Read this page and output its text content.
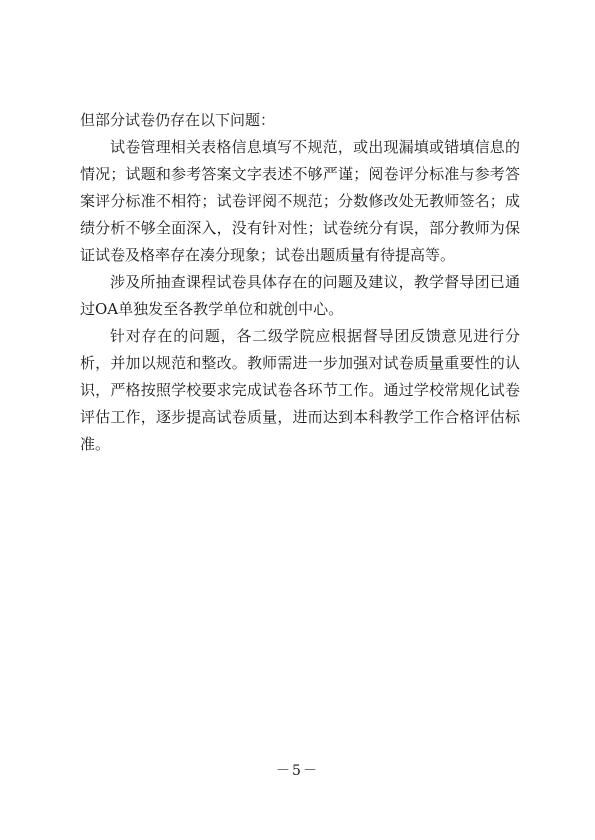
但部分试卷仍存在以下问题：

试卷管理相关表格信息填写不规范，或出现漏填或错填信息的情况；试题和参考答案文字表述不够严谨；阅卷评分标准与参考答案评分标准不相符；试卷评阅不规范；分数修改处无教师签名；成绩分析不够全面深入，没有针对性；试卷统分有误，部分教师为保证试卷及格率存在凑分现象；试卷出题质量有待提高等。

涉及所抽查课程试卷具体存在的问题及建议，教学督导团已通过OA单独发至各教学单位和就创中心。

针对存在的问题，各二级学院应根据督导团反馈意见进行分析，并加以规范和整改。教师需进一步加强对试卷质量重要性的认识，严格按照学校要求完成试卷各环节工作。通过学校常规化试卷评估工作，逐步提高试卷质量，进而达到本科教学工作合格评估标准。

－5－
